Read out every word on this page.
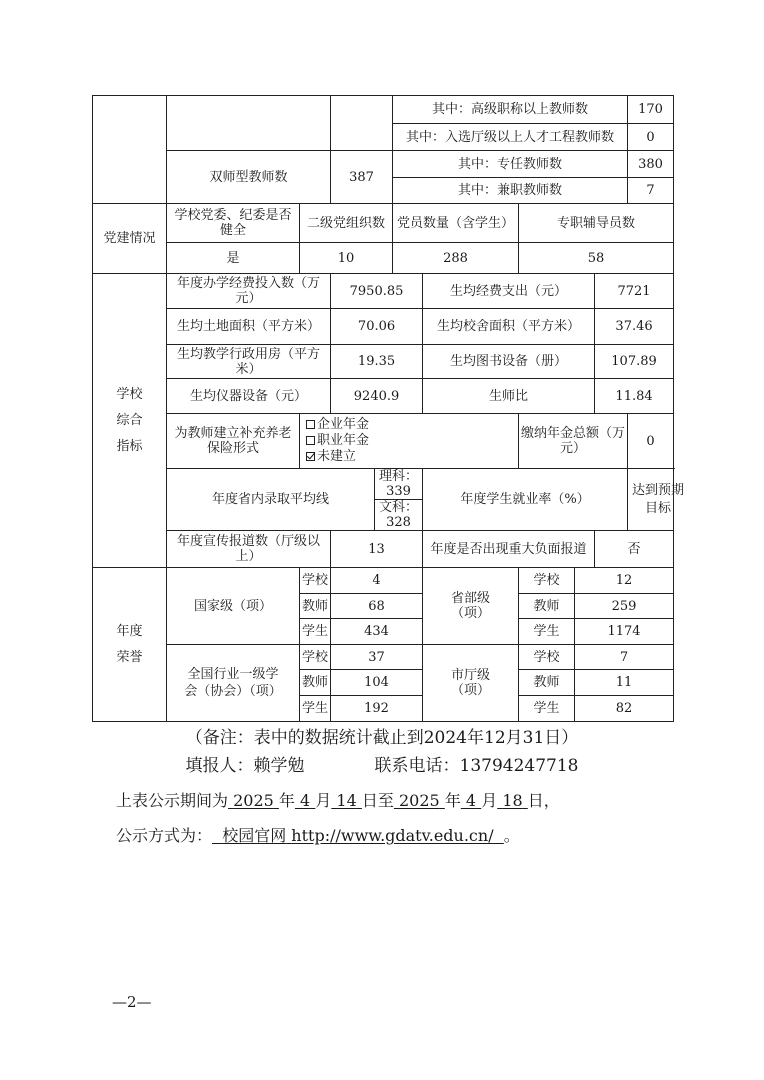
					其中：高级职称以上教师数					170
					其中：入选厅级以上人才工程教师数					0
	双师型教师数		387		其中：专任教师数					380
					其中：兼职教师数					7
党建情况	学校党委、纪委是否健全	二级党组织数			党员数量（含学生）		专职辅导员数			
	是	10			288		58			
学校综合指标	年度办学经费投入数（万元）		7950.85			生均经费支出（元）			7721	
	生均土地面积（平方米）		70.06			生均校舍面积（平方米）			37.46	
	生均教学行政用房（平方米）		19.35			生均图书设备（册）			107.89	
	生均仪器设备（元）		9240.9			生师比			11.84	
	为教师建立补充养老保险形式	企业年金
职业年金
未建立					缴纳年金总额（万元）			0
	年度省内录取平均线			理科：339		年度学生就业率（%）				达到预期目标
				文科：328						
	年度宣传报道数（厅级以上）		13			年度是否出现重大负面报道			否	
年度荣誉	国家级（项）	学校	4			省部级（项）	学校	12		
		教师	68				教师	259		
		学生	434				学生	1174		
	全国行业一级学会（协会）（项）	学校	37			市厅级（项）	学校	7		
		教师	104				教师	11		
		学生	192				学生	82		
（备注：表中的数据统计截止到2024年12月31日）
填报人：赖学勉	联系电话：13794247718
上表公示期间为 2025 年 4 月 14 日至 2025 年 4 月 18 日，
公示方式为： 校园官网 http://www.gdatv.edu.cn/ 。
—2—
